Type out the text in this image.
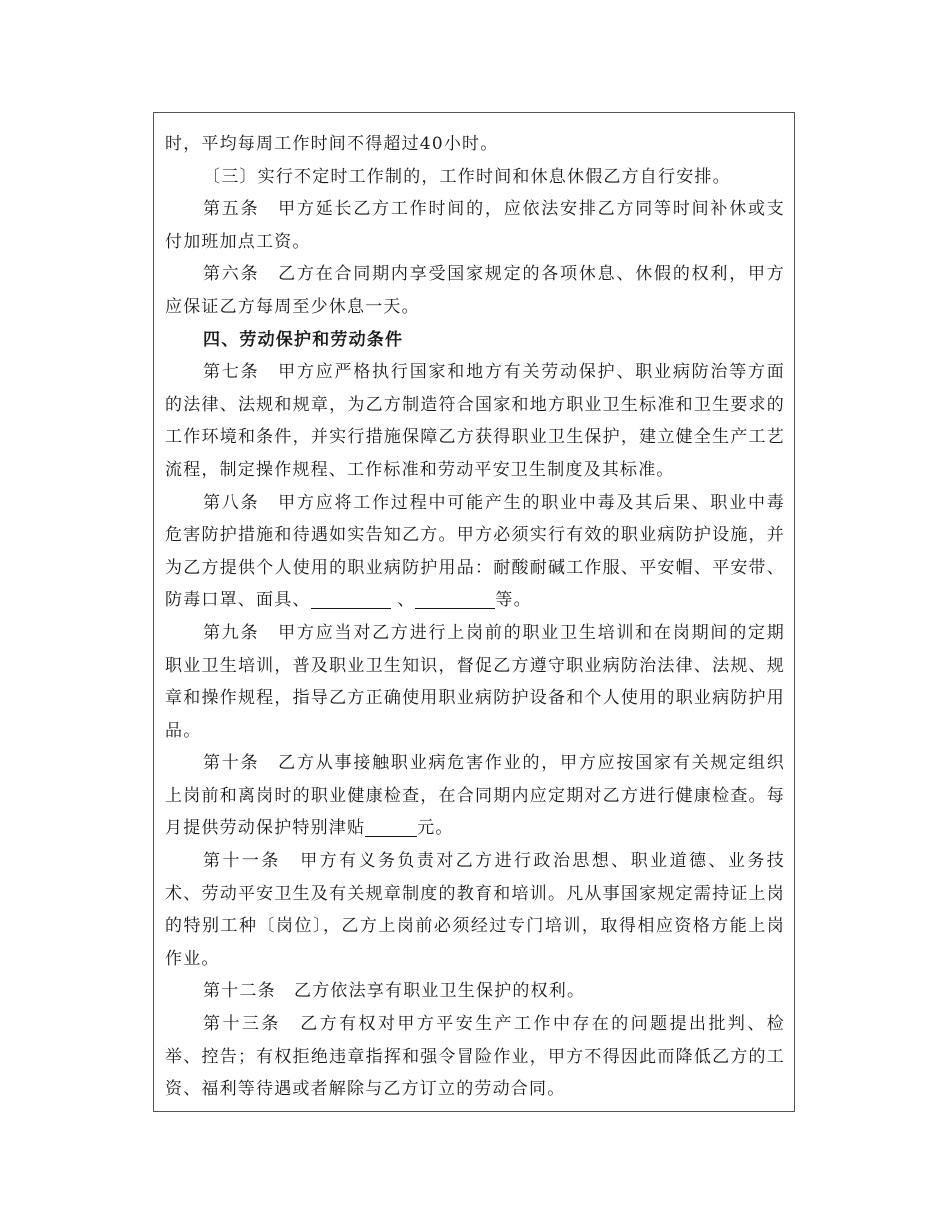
时，平均每周工作时间不得超过40小时。

〔三〕实行不定时工作制的，工作时间和休息休假乙方自行安排。

第五条　甲方延长乙方工作时间的，应依法安排乙方同等时间补休或支付加班加点工资。

第六条　乙方在合同期内享受国家规定的各项休息、休假的权利，甲方应保证乙方每周至少休息一天。

四、劳动保护和劳动条件

第七条　甲方应严格执行国家和地方有关劳动保护、职业病防治等方面的法律、法规和规章，为乙方制造符合国家和地方职业卫生标准和卫生要求的工作环境和条件，并实行措施保障乙方获得职业卫生保护，建立健全生产工艺流程，制定操作规程、工作标准和劳动平安卫生制度及其标准。

第八条　甲方应将工作过程中可能产生的职业中毒及其后果、职业中毒危害防护措施和待遇如实告知乙方。甲方必须实行有效的职业病防护设施，并为乙方提供个人使用的职业病防护用品：耐酸耐碱工作服、平安帽、平安带、防毒口罩、面具、	、	等。

第九条　甲方应当对乙方进行上岗前的职业卫生培训和在岗期间的定期职业卫生培训，普及职业卫生知识，督促乙方遵守职业病防治法律、法规、规章和操作规程，指导乙方正确使用职业病防护设备和个人使用的职业病防护用品。

第十条　乙方从事接触职业病危害作业的，甲方应按国家有关规定组织上岗前和离岗时的职业健康检查，在合同期内应定期对乙方进行健康检查。每月提供劳动保护特别津贴	元。

第十一条　甲方有义务负责对乙方进行政治思想、职业道德、业务技术、劳动平安卫生及有关规章制度的教育和培训。凡从事国家规定需持证上岗的特别工种〔岗位〕，乙方上岗前必须经过专门培训，取得相应资格方能上岗作业。

第十二条　乙方依法享有职业卫生保护的权利。

第十三条　乙方有权对甲方平安生产工作中存在的问题提出批判、检举、控告；有权拒绝违章指挥和强令冒险作业，甲方不得因此而降低乙方的工资、福利等待遇或者解除与乙方订立的劳动合同。
